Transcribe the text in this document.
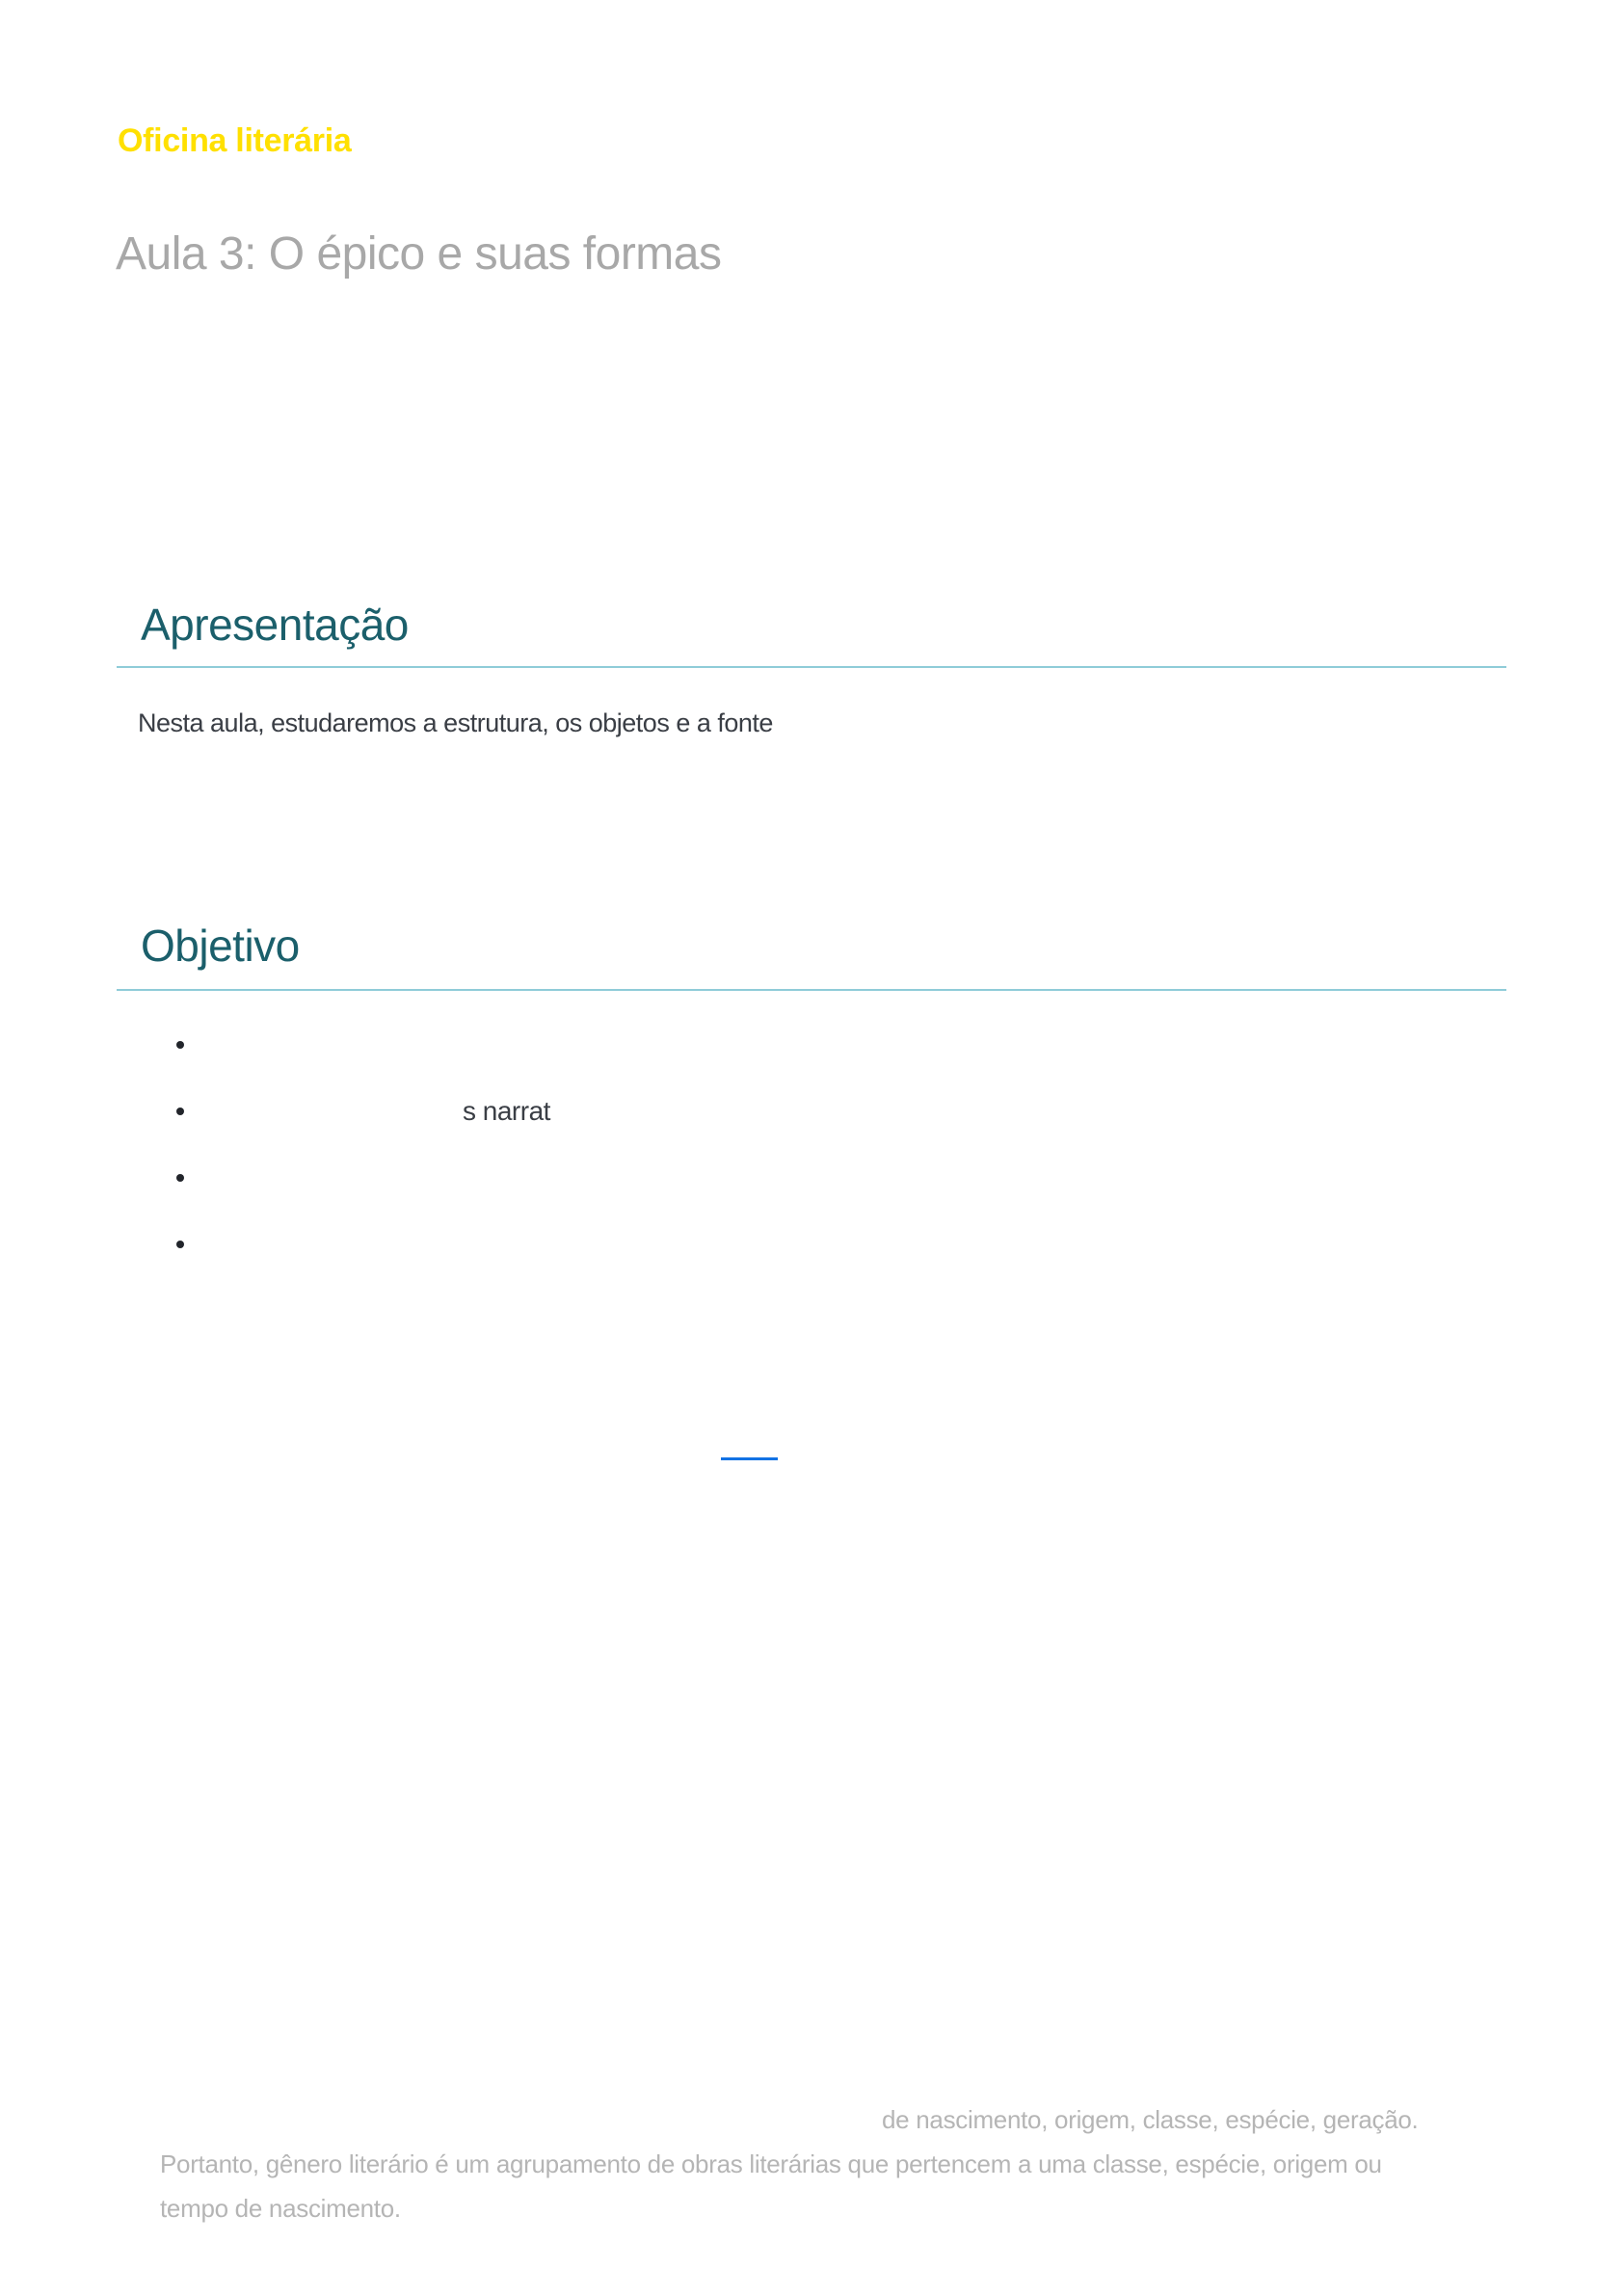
Oficina literária
Aula 3: O épico e suas formas
Apresentação

Nesta aula, estudaremos a estrutura, os objetos e a fonte

Objetivo
s narrat

de nascimento, origem, classe, espécie, geração.

Portanto, gênero literário é um agrupamento de obras literárias que pertencem a uma classe, espécie, origem ou

tempo de nascimento.
